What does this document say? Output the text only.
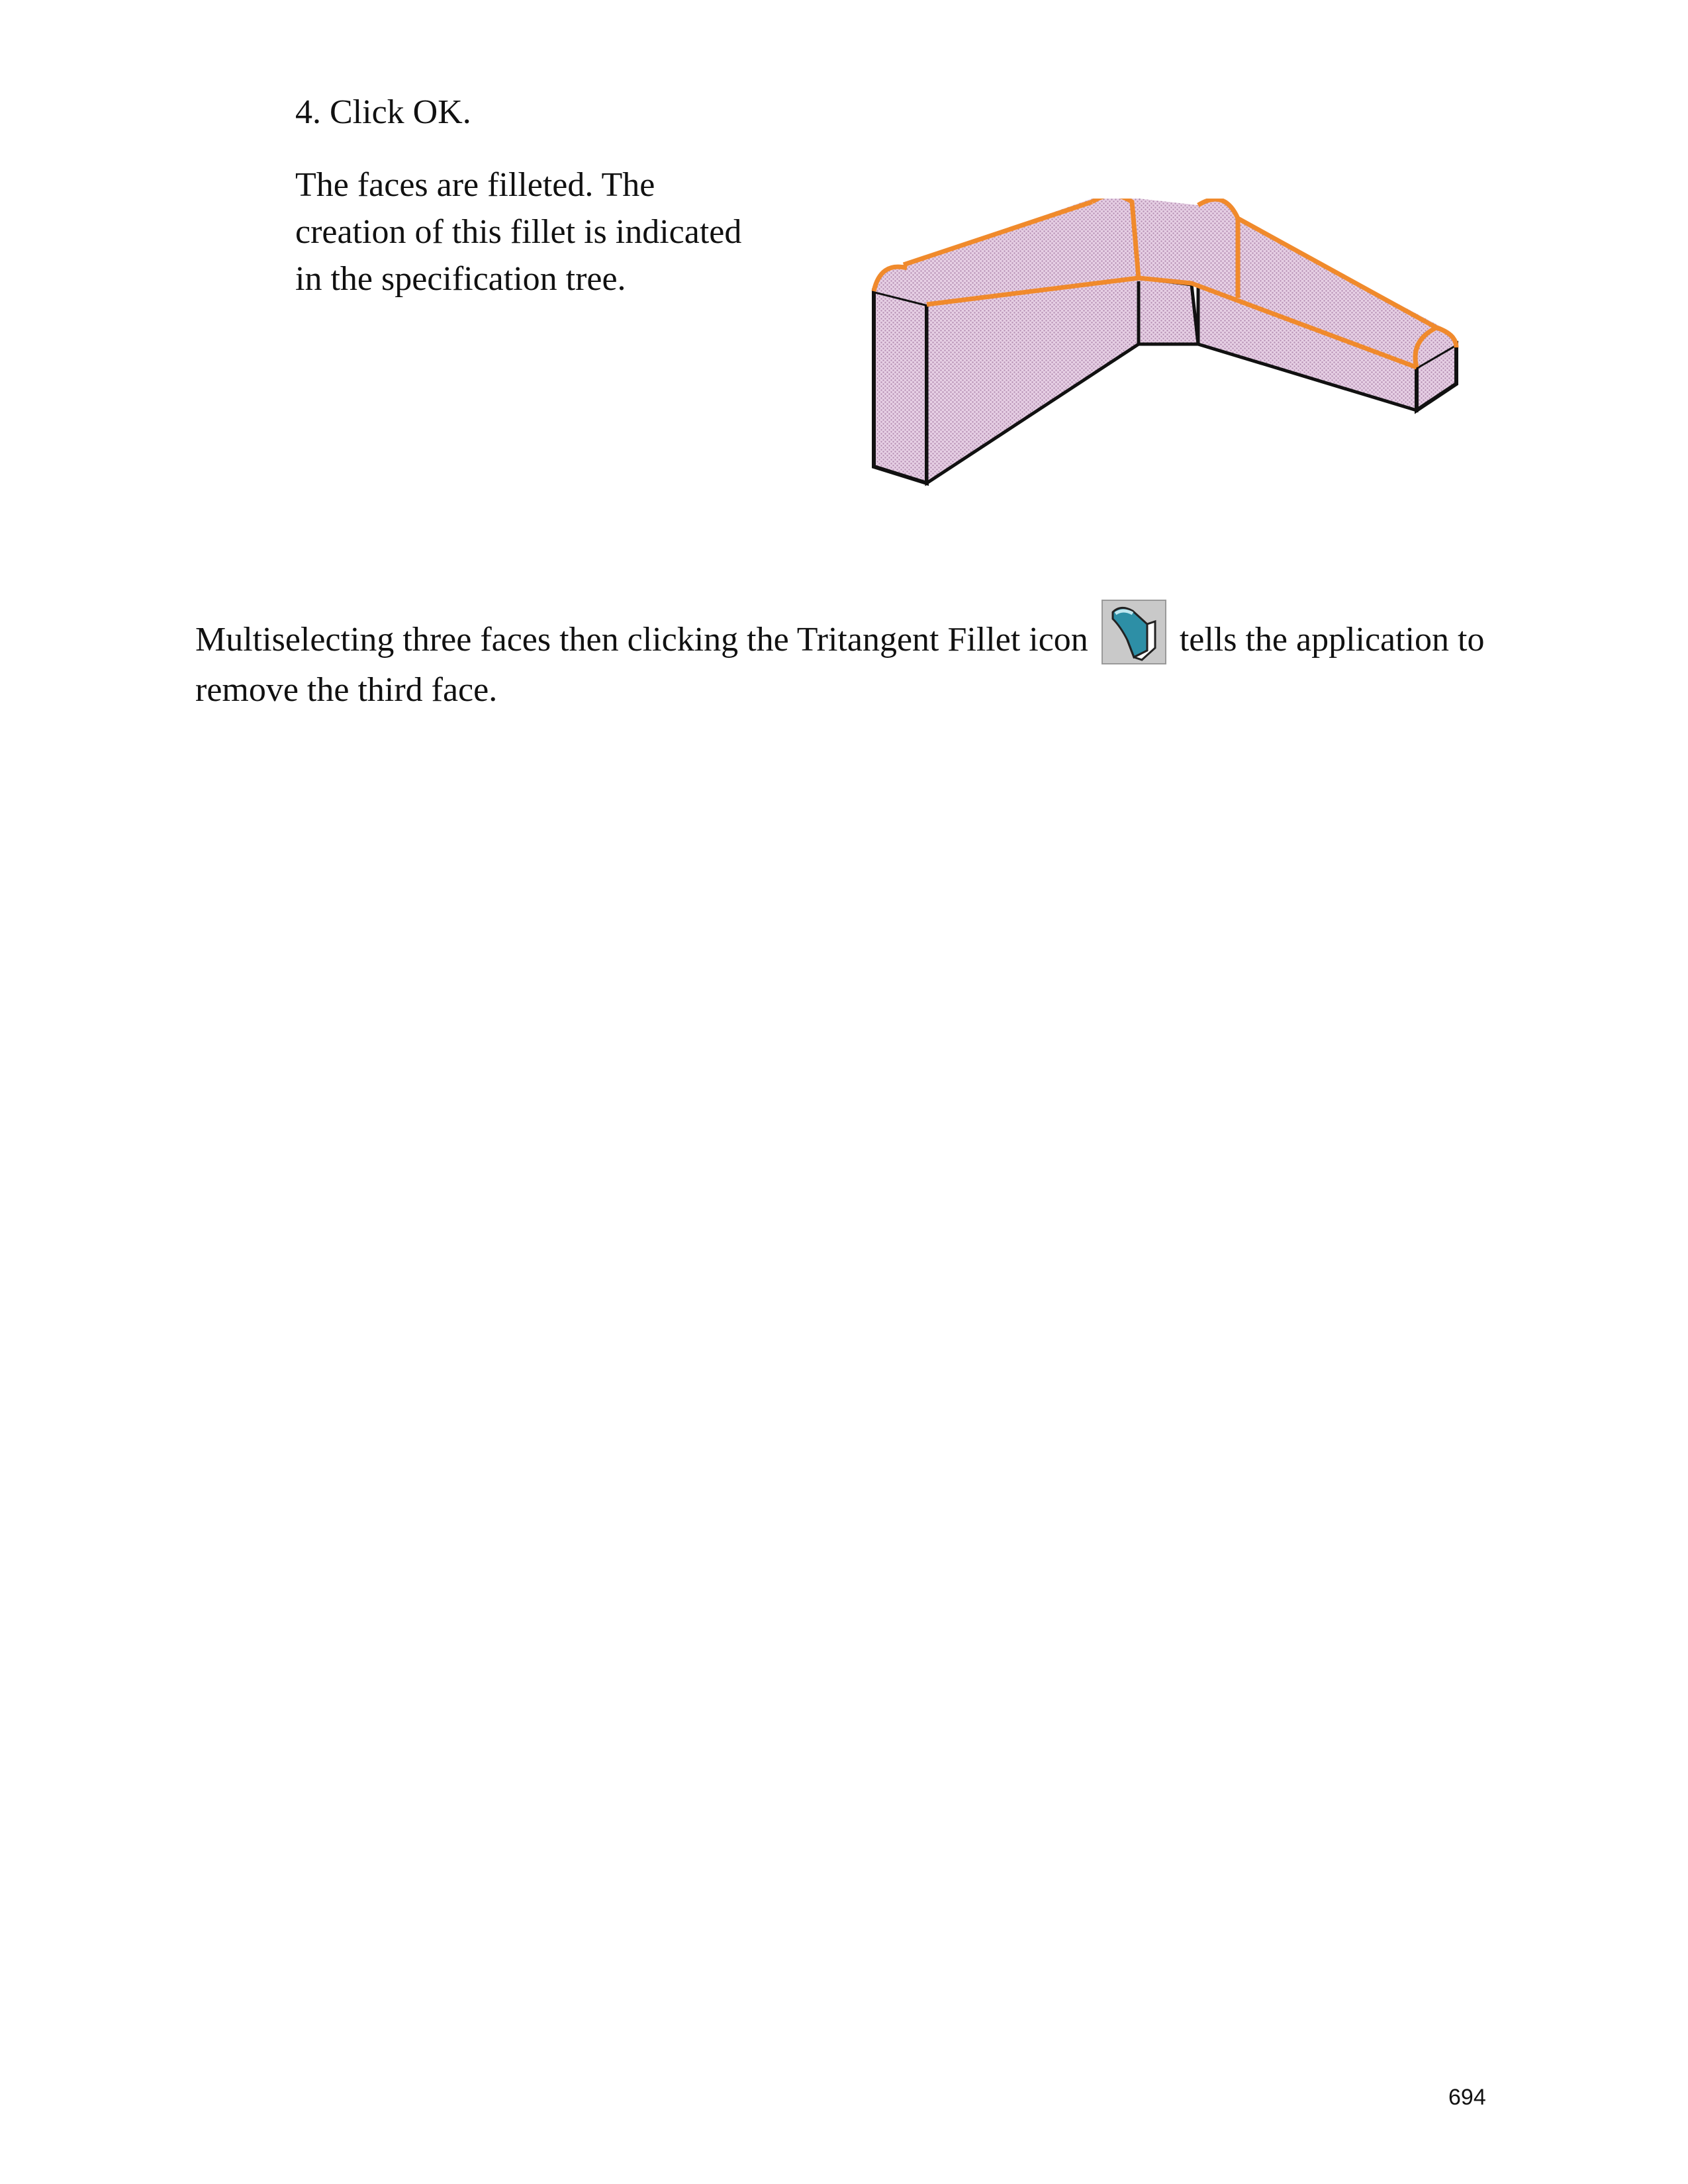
4. Click OK.

The faces are filleted. The creation of this fillet is indicated in the specification tree.

Multiselecting three faces then clicking the Tritangent Fillet icon	tells the application to remove the third face.

694
